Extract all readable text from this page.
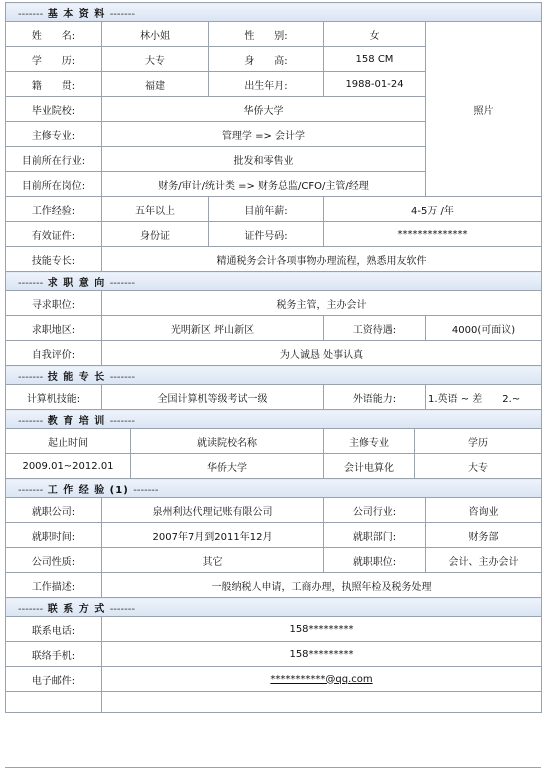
------- 基 本 资 料 -------				
姓　　名:	林小姐	性　　别:	女	照片
学　　历:	大专	身　　高:	158 CM	
籍　　贯:	福建	出生年月:	1988-01-24	
毕业院校:	华侨大学			
主修专业:	管理学 => 会计学			
目前所在行业:	批发和零售业			
目前所在岗位:	财务/审计/统计类 => 财务总监/CFO/主管/经理			
工作经验:	五年以上	目前年薪:	4-5万 /年	
有效证件:	身份证	证件号码:	**************	
技能专长:	精通税务会计各项事物办理流程，熟悉用友软件			
------- 求 职 意 向 -------			
寻求职位:	税务主管，主办会计		
求职地区:	光明新区 坪山新区	工资待遇:	4000(可面议)
自我评价:	为人诚恳 处事认真		
------- 技 能 专 长 -------
计算机技能:	全国计算机等级考试一级	外语能力:	1.英语 ~ 差　　2.~
------- 教 育 培 训 -------			
起止时间	就读院校名称	主修专业	学历
2009.01~2012.01	华侨大学	会计电算化	大专
------- 工 作 经 验 (1) -------			
就职公司:	泉州利达代理记账有限公司	公司行业:	咨询业
就职时间:	2007年7月到2011年12月	就职部门:	财务部
公司性质:	其它	就职职位:	会计、主办会计
工作描述:	一般纳税人申请，工商办理，执照年检及税务处理		
------- 联 系 方 式 -------	
联系电话:	158*********
联络手机:	158*********
电子邮件:	***********@qq.com
